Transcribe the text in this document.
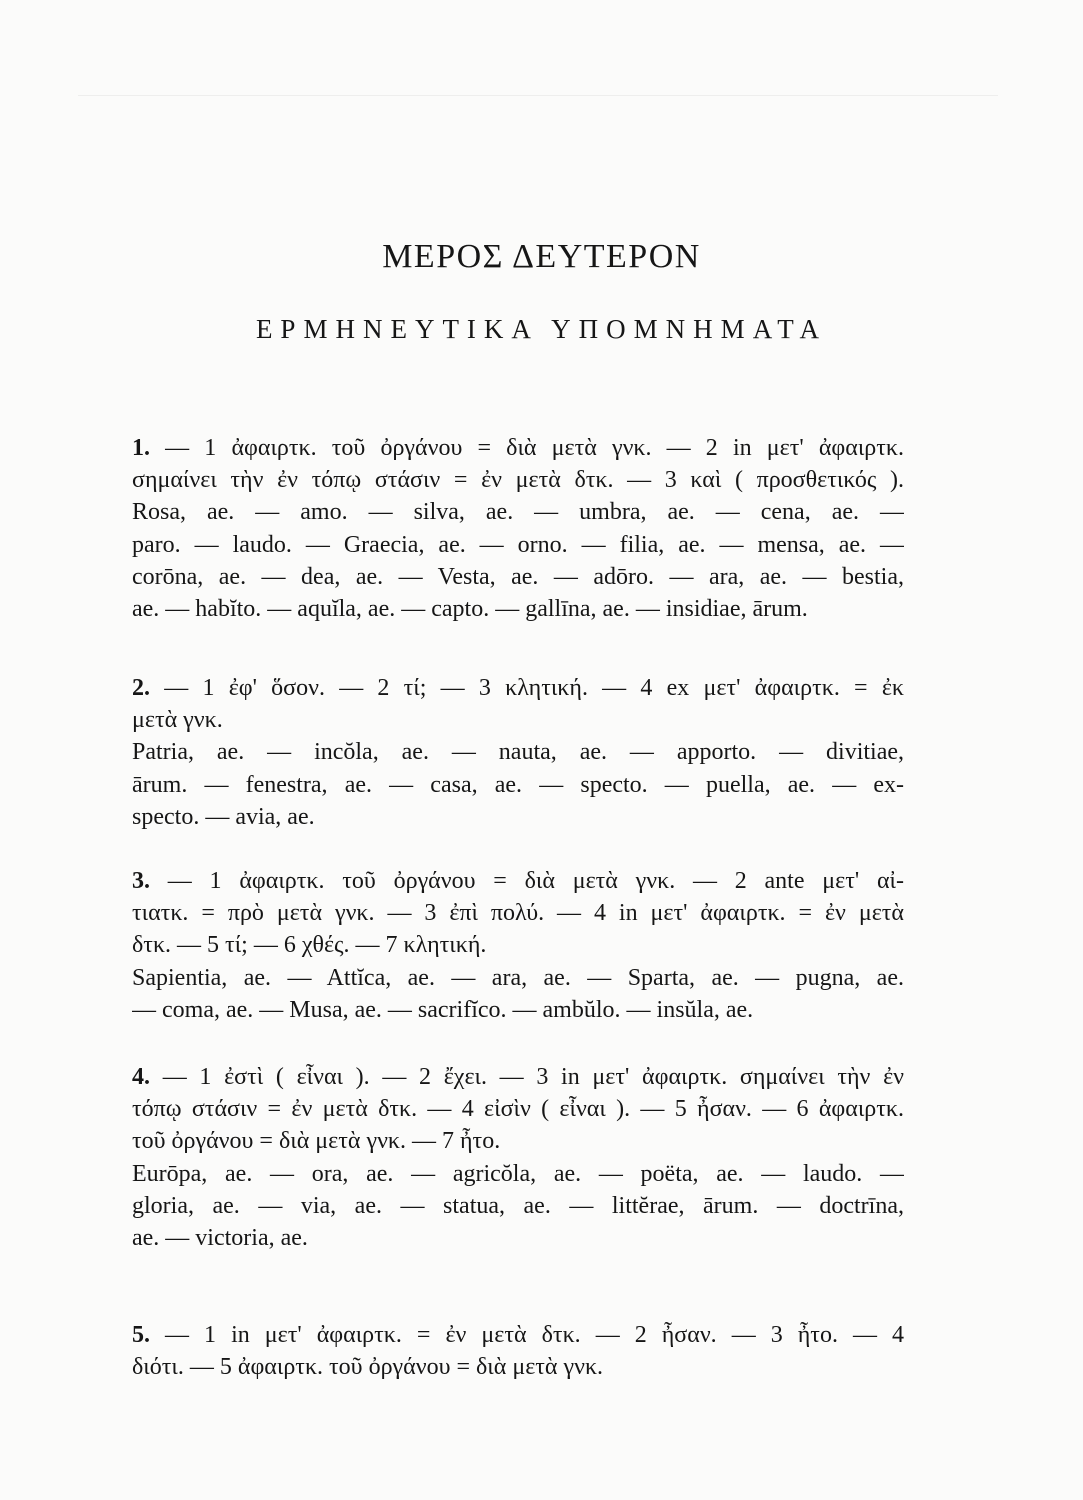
ΜΕΡΟΣ ΔΕΥΤΕΡΟΝ
ΕΡΜΗΝΕΥΤΙΚΑ ΥΠΟΜΝΗΜΑΤΑ
1. — 1 ἀφαιρτκ. τοῦ ὀργάνου = διὰ μετὰ γνκ. — 2 in μετ' ἀφαιρτκ.
σημαίνει τὴν ἐν τόπῳ στάσιν = ἐν μετὰ δτκ. — 3 καὶ ( προσθετικός ).
Rosa, ae. — amo. — silva, ae. — umbra, ae. — cena, ae. —
paro. — laudo. — Graecia, ae. — orno. — filia, ae. — mensa, ae. —
corōna, ae. — dea, ae. — Vesta, ae. — adōro. — ara, ae. — bestia,
ae. — habĭto. — aquĭla, ae. — capto. — gallīna, ae. — insidiae, ārum.
2. — 1 ἐφ' ὅσον. — 2 τί; — 3 κλητική. — 4 ex μετ' ἀφαιρτκ. = ἐκ
μετὰ γνκ.
Patria, ae. — incŏla, ae. — nauta, ae. — apporto. — divitiae,
ārum. — fenestra, ae. — casa, ae. — specto. — puella, ae. — ex-
specto. — avia, ae.
3. — 1 ἀφαιρτκ. τοῦ ὀργάνου = διὰ μετὰ γνκ. — 2 ante μετ' αἰ-
τιατκ. = πρὸ μετὰ γνκ. — 3 ἐπὶ πολύ. — 4 in μετ' ἀφαιρτκ. = ἐν μετὰ
δτκ. — 5 τί; — 6 χθές. — 7 κλητική.
Sapientia, ae. — Attĭca, ae. — ara, ae. — Sparta, ae. — pugna, ae.
— coma, ae. — Musa, ae. — sacrifĭco. — ambŭlo. — insŭla, ae.
4. — 1 ἐστὶ ( εἶναι ). — 2 ἔχει. — 3 in μετ' ἀφαιρτκ. σημαίνει τὴν ἐν
τόπῳ στάσιν = ἐν μετὰ δτκ. — 4 εἰσὶν ( εἶναι ). — 5 ἦσαν. — 6 ἀφαιρτκ.
τοῦ ὀργάνου = διὰ μετὰ γνκ. — 7 ἦτο.
Eurōpa, ae. — ora, ae. — agricŏla, ae. — poëta, ae. — laudo. —
gloria, ae. — via, ae. — statua, ae. — littĕrae, ārum. — doctrīna,
ae. — victoria, ae.
5. — 1 in μετ' ἀφαιρτκ. = ἐν μετὰ δτκ. — 2 ἦσαν. — 3 ἦτο. — 4
διότι. — 5 ἀφαιρτκ. τοῦ ὀργάνου = διὰ μετὰ γνκ.
